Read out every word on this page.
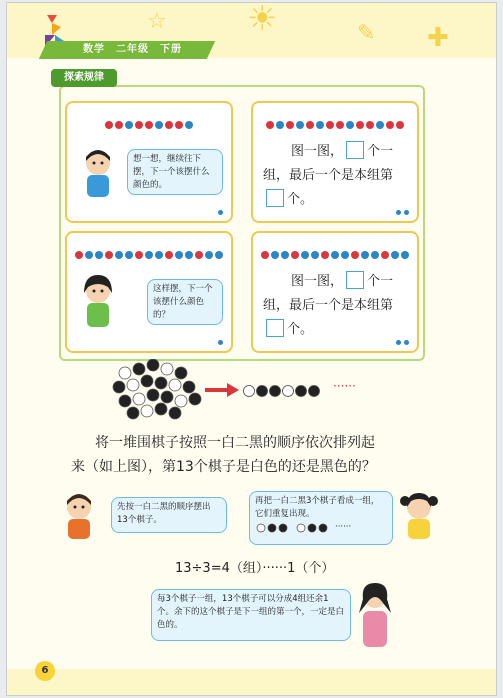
☆ ☀	✎ ✚
数学　二年级　下册
探索规律
想一想，继续往下摆，下一个该摆什么颜色的。
图一图， 个一
组，最后一个是本组第
个。
这样摆，下一个该摆什么颜色的？
图一图， 个一
组，最后一个是本组第
个。
······
将一堆围棋子按照一白二黑的顺序依次排列起
来（如上图），第13个棋子是白色的还是黑色的？
先按一白二黑的顺序摆出13个棋子。
再把一白二黑3个棋子看成一组，它们重复出现。
······
13÷3=4（组）······1（个）
每3个棋子一组，13个棋子可以分成4组还余1个。余下的这个棋子是下一组的第一个，一定是白色的。
6
